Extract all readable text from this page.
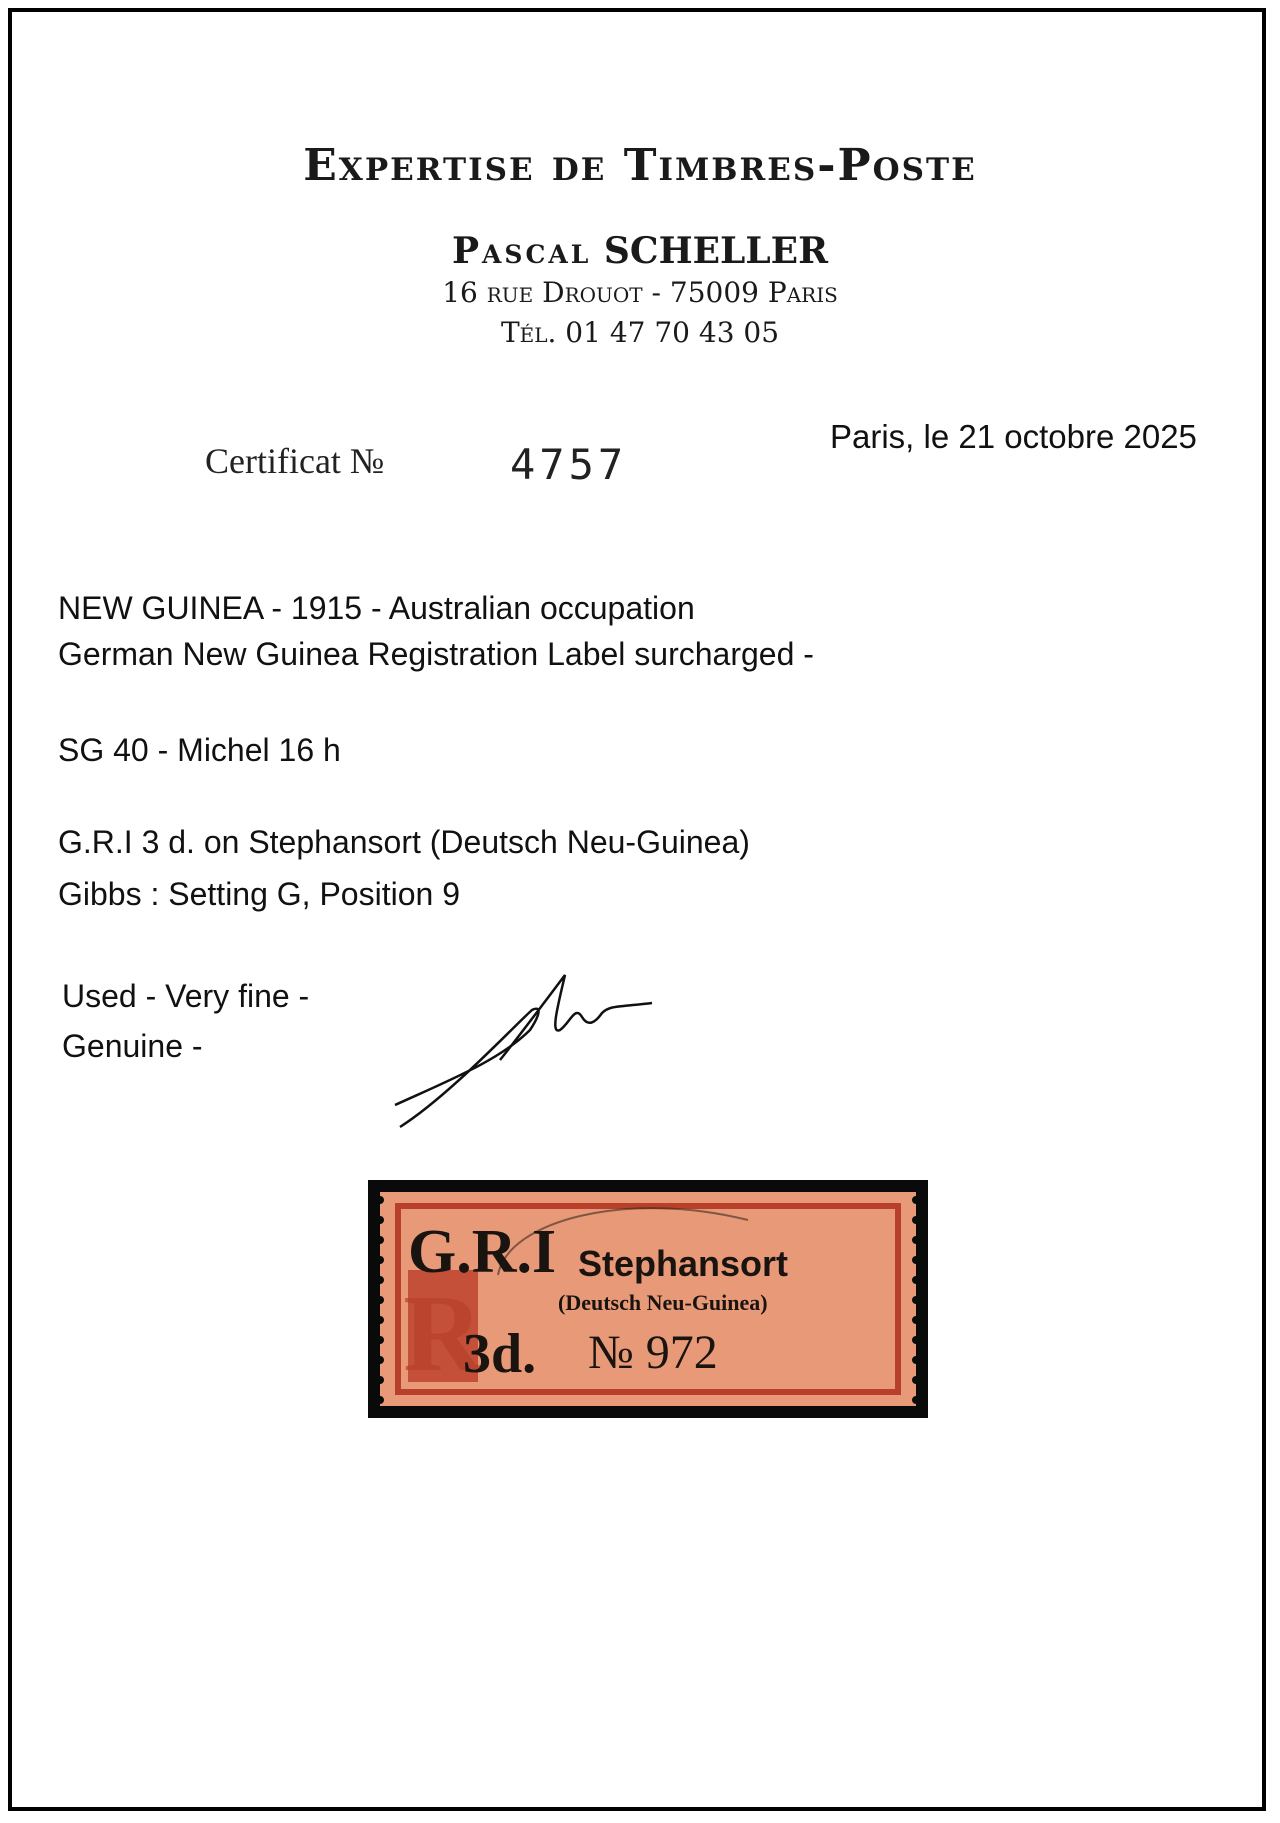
Expertise de Timbres-Poste
Pascal SCHELLER
16 rue Drouot - 75009 Paris
Tél. 01 47 70 43 05
Certificat №	4757
Paris, le 21 octobre 2025
NEW GUINEA - 1915 - Australian occupation
German New Guinea Registration Label surcharged -
SG 40 - Michel 16 h
G.R.I 3 d. on Stephansort (Deutsch Neu-Guinea)
Gibbs : Setting G, Position 9
Used - Very fine -
Genuine -
R
G.R.I Stephansort
(Deutsch Neu-Guinea)
3d. № 972
